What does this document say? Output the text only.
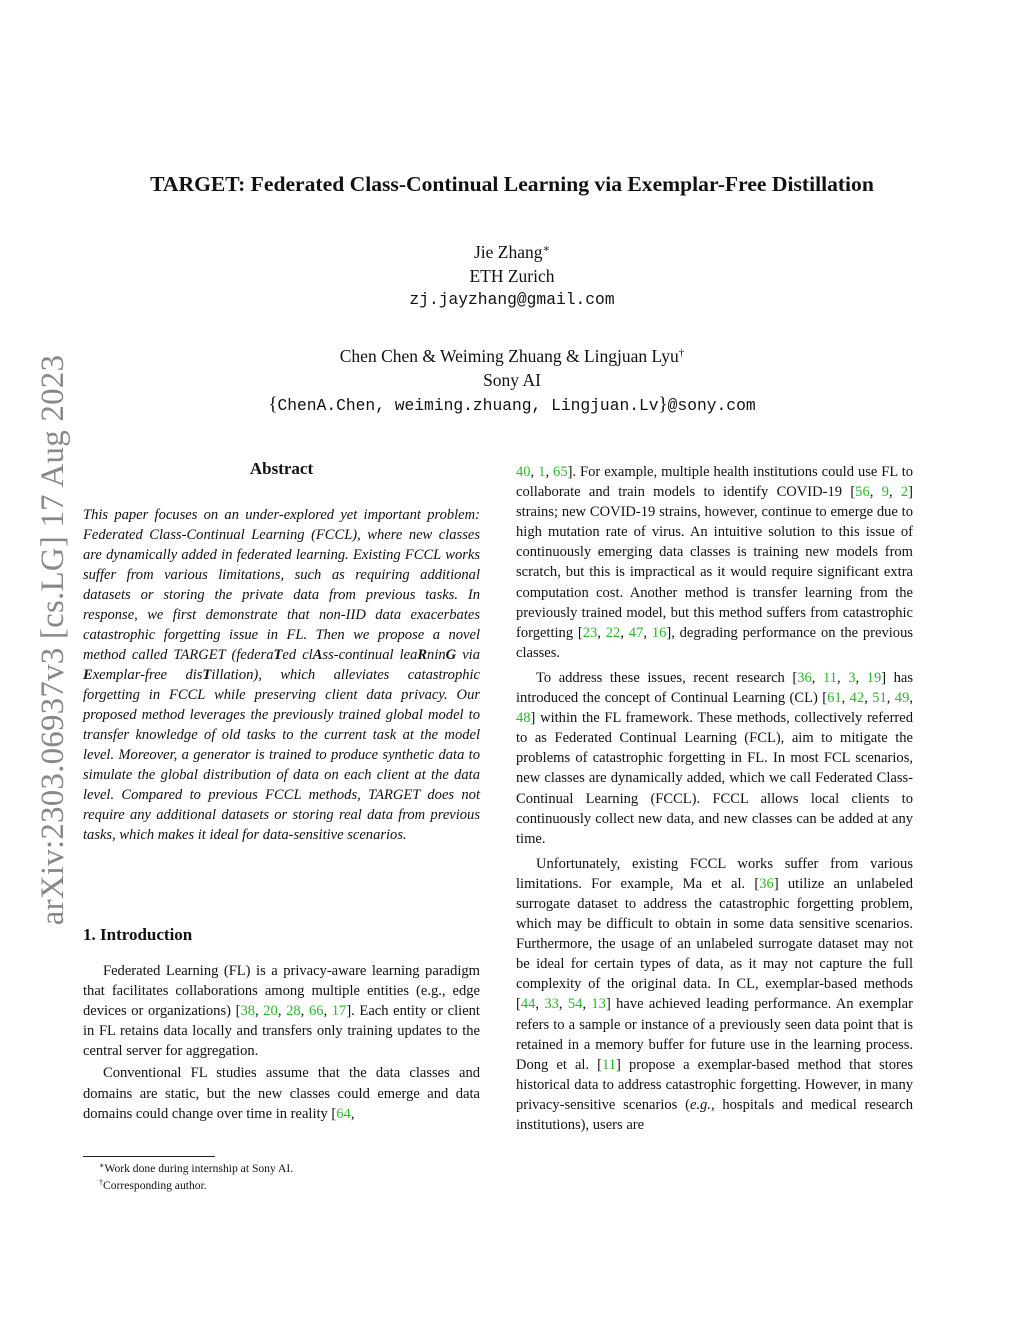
arXiv:2303.06937v3 [cs.LG] 17 Aug 2023
TARGET: Federated Class-Continual Learning via Exemplar-Free Distillation
Jie Zhang∗
ETH Zurich
zj.jayzhang@gmail.com
Chen Chen & Weiming Zhuang & Lingjuan Lyu†
Sony AI
{ChenA.Chen, weiming.zhuang, Lingjuan.Lv}@sony.com
Abstract

This paper focuses on an under-explored yet important problem: Federated Class-Continual Learning (FCCL), where new classes are dynamically added in federated learning. Existing FCCL works suffer from various limitations, such as requiring additional datasets or storing the private data from previous tasks. In response, we first demonstrate that non-IID data exacerbates catastrophic forgetting issue in FL. Then we propose a novel method called TARGET (federaTed clAss-continual leaRninG via Exemplar-free disTillation), which alleviates catastrophic forgetting in FCCL while preserving client data privacy. Our proposed method leverages the previously trained global model to transfer knowledge of old tasks to the current task at the model level. Moreover, a generator is trained to produce synthetic data to simulate the global distribution of data on each client at the data level. Compared to previous FCCL methods, TARGET does not require any additional datasets or storing real data from previous tasks, which makes it ideal for data-sensitive scenarios.

1. Introduction

Federated Learning (FL) is a privacy-aware learning paradigm that facilitates collaborations among multiple entities (e.g., edge devices or organizations) [38, 20, 28, 66, 17]. Each entity or client in FL retains data locally and transfers only training updates to the central server for aggregation.

Conventional FL studies assume that the data classes and domains are static, but the new classes could emerge and data domains could change over time in reality [64,

∗Work done during internship at Sony AI.
†Corresponding author.

40, 1, 65]. For example, multiple health institutions could use FL to collaborate and train models to identify COVID-19 [56, 9, 2] strains; new COVID-19 strains, however, continue to emerge due to high mutation rate of virus. An intuitive solution to this issue of continuously emerging data classes is training new models from scratch, but this is impractical as it would require significant extra computation cost. Another method is transfer learning from the previously trained model, but this method suffers from catastrophic forgetting [23, 22, 47, 16], degrading performance on the previous classes.

To address these issues, recent research [36, 11, 3, 19] has introduced the concept of Continual Learning (CL) [61, 42, 51, 49, 48] within the FL framework. These methods, collectively referred to as Federated Continual Learning (FCL), aim to mitigate the problems of catastrophic forgetting in FL. In most FCL scenarios, new classes are dynamically added, which we call Federated Class-Continual Learning (FCCL). FCCL allows local clients to continuously collect new data, and new classes can be added at any time.

Unfortunately, existing FCCL works suffer from various limitations. For example, Ma et al. [36] utilize an unlabeled surrogate dataset to address the catastrophic forgetting problem, which may be difficult to obtain in some data sensitive scenarios. Furthermore, the usage of an unlabeled surrogate dataset may not be ideal for certain types of data, as it may not capture the full complexity of the original data. In CL, exemplar-based methods [44, 33, 54, 13] have achieved leading performance. An exemplar refers to a sample or instance of a previously seen data point that is retained in a memory buffer for future use in the learning process. Dong et al. [11] propose a exemplar-based method that stores historical data to address catastrophic forgetting. However, in many privacy-sensitive scenarios (e.g., hospitals and medical research institutions), users are
